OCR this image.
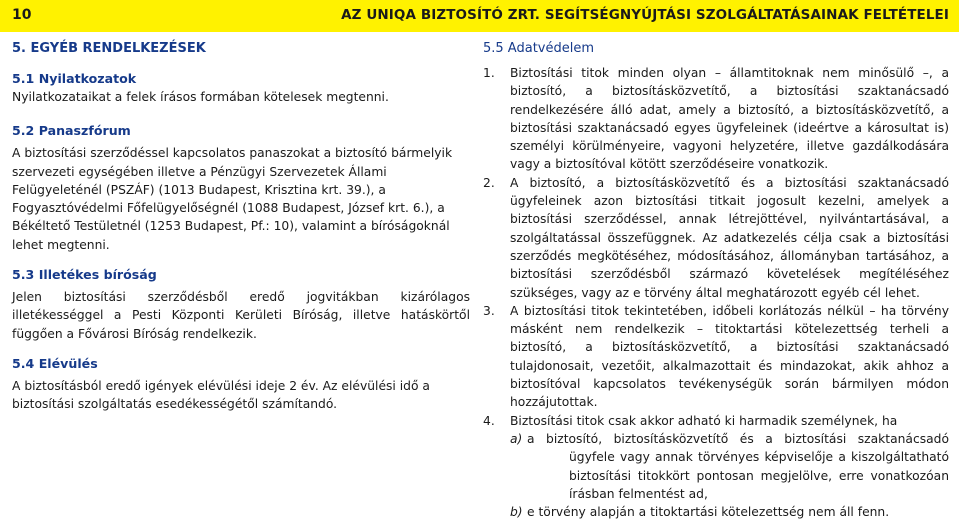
10	AZ UNIQA BIZTOSÍTÓ ZRT. SEGÍTSÉGNYÚJTÁSI SZOLGÁLTATÁSAINAK FELTÉTELEI
5. EGYÉB RENDELKEZÉSEK
5.1 Nyilatkozatok

Nyilatkozataikat a felek írásos formában kötelesek megtenni.

5.2 Panaszfórum

A biztosítási szerződéssel kapcsolatos panaszokat a biztosító bármelyik szervezeti egységében illetve a Pénzügyi Szervezetek Állami Felügyeleténél (PSZÁF) (1013 Budapest, Krisztina krt. 39.), a Fogyasztóvédelmi Főfelügyelőségnél (1088 Budapest, József krt. 6.), a Békéltető Testületnél (1253 Budapest, Pf.: 10), valamint a bíróságoknál lehet megtenni.

5.3 Illetékes bíróság

Jelen biztosítási szerződésből eredő jogvitákban kizárólagos illetékességgel a Pesti Központi Kerületi Bíróság, illetve hatáskörtől függően a Fővárosi Bíróság rendelkezik.

5.4 Elévülés

A biztosításból eredő igények elévülési ideje 2 év. Az elévülési idő a biztosítási szolgáltatás esedékességétől számítandó.

5.5 Adatvédelem
1. Biztosítási titok minden olyan – államtitoknak nem minősülő –, a biztosító, a biztosításközvetítő, a biztosítási szaktanácsadó rendelkezésére álló adat, amely a biztosító, a biztosításközvetítő, a biztosítási szaktanácsadó egyes ügyfeleinek (ideértve a károsultat is) személyi körülményeire, vagyoni helyzetére, illetve gazdálkodására vagy a biztosítóval kötött szerződéseire vonatkozik.
2. A biztosító, a biztosításközvetítő és a biztosítási szaktanácsadó ügyfeleinek azon biztosítási titkait jogosult kezelni, amelyek a biztosítási szerződéssel, annak létrejöttével, nyilvántartásával, a szolgáltatással összefüggnek. Az adatkezelés célja csak a biztosítási szerződés megkötéséhez, módosításához, állományban tartásához, a biztosítási szerződésből származó követelések megítéléséhez szükséges, vagy az e törvény által meghatározott egyéb cél lehet.
3. A biztosítási titok tekintetében, időbeli korlátozás nélkül – ha törvény másként nem rendelkezik – titoktartási kötelezettség terheli a biztosító, a biztosításközvetítő, a biztosítási szaktanácsadó tulajdonosait, vezetőit, alkalmazottait és mindazokat, akik ahhoz a biztosítóval kapcsolatos tevékenységük során bármilyen módon hozzájutottak.
4. Biztosítási titok csak akkor adható ki harmadik személynek, ha
a) a biztosító, biztosításközvetítő és a biztosítási szaktanácsadó ügyfele vagy annak törvényes képviselője a kiszolgáltatható biztosítási titokkört pontosan megjelölve, erre vonatkozóan írásban felmentést ad,
b) e törvény alapján a titoktartási kötelezettség nem áll fenn.
